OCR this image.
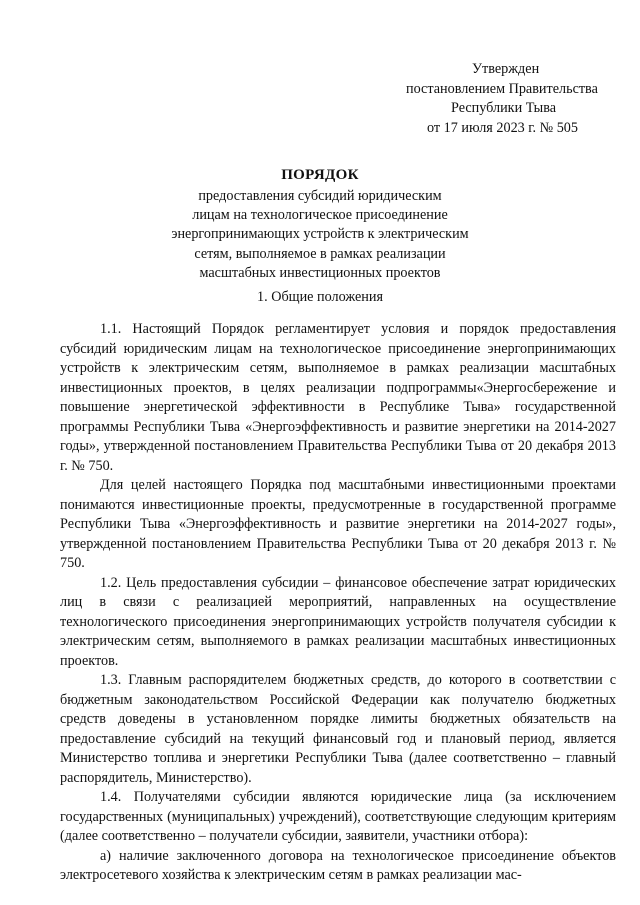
Утвержден
постановлением Правительства
Республики Тыва
от 17 июля 2023 г. № 505
ПОРЯДОК
предоставления субсидий юридическим
лицам на технологическое присоединение
энергопринимающих устройств к электрическим
сетям, выполняемое в рамках реализации
масштабных инвестиционных проектов
1. Общие положения

1.1. Настоящий Порядок регламентирует условия и порядок предоставления субсидий юридическим лицам на технологическое присоединение энергопринимающих устройств к электрическим сетям, выполняемое в рамках реализации масштабных инвестиционных проектов, в целях реализации подпрограммы«Энергосбережение и повышение энергетической эффективности в Республике Тыва» государственной программы Республики Тыва «Энергоэффективность и развитие энергетики на 2014-2027 годы», утвержденной постановлением Правительства Республики Тыва от 20 декабря 2013 г. № 750.

Для целей настоящего Порядка под масштабными инвестиционными проектами понимаются инвестиционные проекты, предусмотренные в государственной программе Республики Тыва «Энергоэффективность и развитие энергетики на 2014-2027 годы», утвержденной постановлением Правительства Республики Тыва от 20 декабря 2013 г. № 750.

1.2. Цель предоставления субсидии – финансовое обеспечение затрат юридических лиц в связи с реализацией мероприятий, направленных на осуществление технологического присоединения энергопринимающих устройств получателя субсидии к электрическим сетям, выполняемого в рамках реализации масштабных инвестиционных проектов.

1.3. Главным распорядителем бюджетных средств, до которого в соответствии с бюджетным законодательством Российской Федерации как получателю бюджетных средств доведены в установленном порядке лимиты бюджетных обязательств на предоставление субсидий на текущий финансовый год и плановый период, является Министерство топлива и энергетики Республики Тыва (далее соответственно – главный распорядитель, Министерство).

1.4. Получателями субсидии являются юридические лица (за исключением государственных (муниципальных) учреждений), соответствующие следующим критериям (далее соответственно – получатели субсидии, заявители, участники отбора):

а) наличие заключенного договора на технологическое присоединение объектов электросетевого хозяйства к электрическим сетям в рамках реализации мас-
